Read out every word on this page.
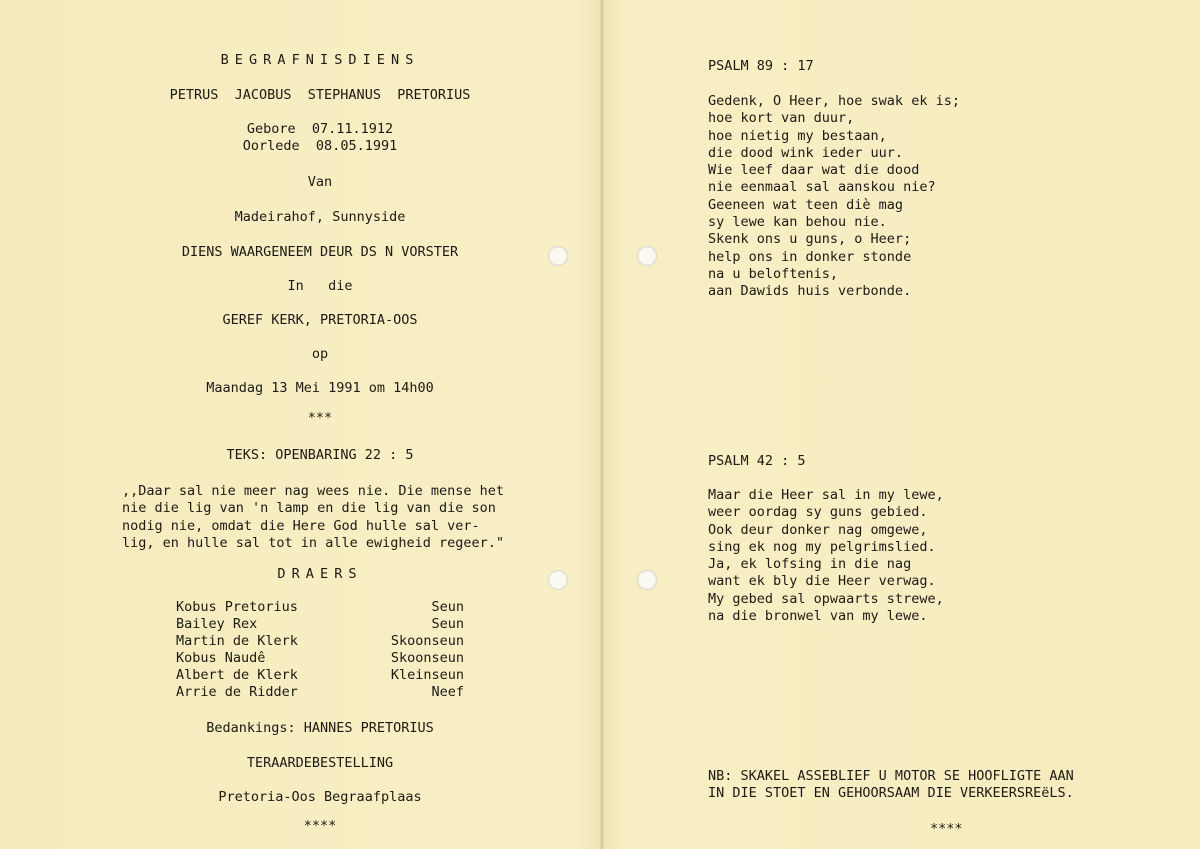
BEGRAFNISDIENS
PETRUS  JACOBUS  STEPHANUS  PRETORIUS
Gebore  07.11.1912
Oorlede  08.05.1991
Van
Madeirahof, Sunnyside
DIENS WAARGENEEM DEUR DS N VORSTER
In   die
GEREF KERK, PRETORIA-OOS
op
Maandag 13 Mei 1991 om 14h00
***
TEKS: OPENBARING 22 : 5
,,Daar sal nie meer nag wees nie. Die mense het
nie die lig van 'n lamp en die lig van die son
nodig nie, omdat die Here God hulle sal ver-
lig, en hulle sal tot in alle ewigheid regeer."
DRAERS
Kobus Pretorius	Seun
Bailey Rex	Seun
Martin de Klerk	Skoonseun
Kobus Naudê	Skoonseun
Albert de Klerk	Kleinseun
Arrie de Ridder	Neef
Bedankings: HANNES PRETORIUS
TERAARDEBESTELLING
Pretoria-Oos Begraafplaas
****
PSALM 89 : 17
Gedenk, O Heer, hoe swak ek is;
hoe kort van duur,
hoe nietig my bestaan,
die dood wink ieder uur.
Wie leef daar wat die dood
nie eenmaal sal aanskou nie?
Geeneen wat teen diè mag
sy lewe kan behou nie.
Skenk ons u guns, o Heer;
help ons in donker stonde
na u beloftenis,
aan Dawids huis verbonde.
PSALM 42 : 5
Maar die Heer sal in my lewe,
weer oordag sy guns gebied.
Ook deur donker nag omgewe,
sing ek nog my pelgrimslied.
Ja, ek lofsing in die nag
want ek bly die Heer verwag.
My gebed sal opwaarts strewe,
na die bronwel van my lewe.
NB: SKAKEL ASSEBLIEF U MOTOR SE HOOFLIGTE AAN
IN DIE STOET EN GEHOORSAAM DIE VERKEERSREëLS.
****
